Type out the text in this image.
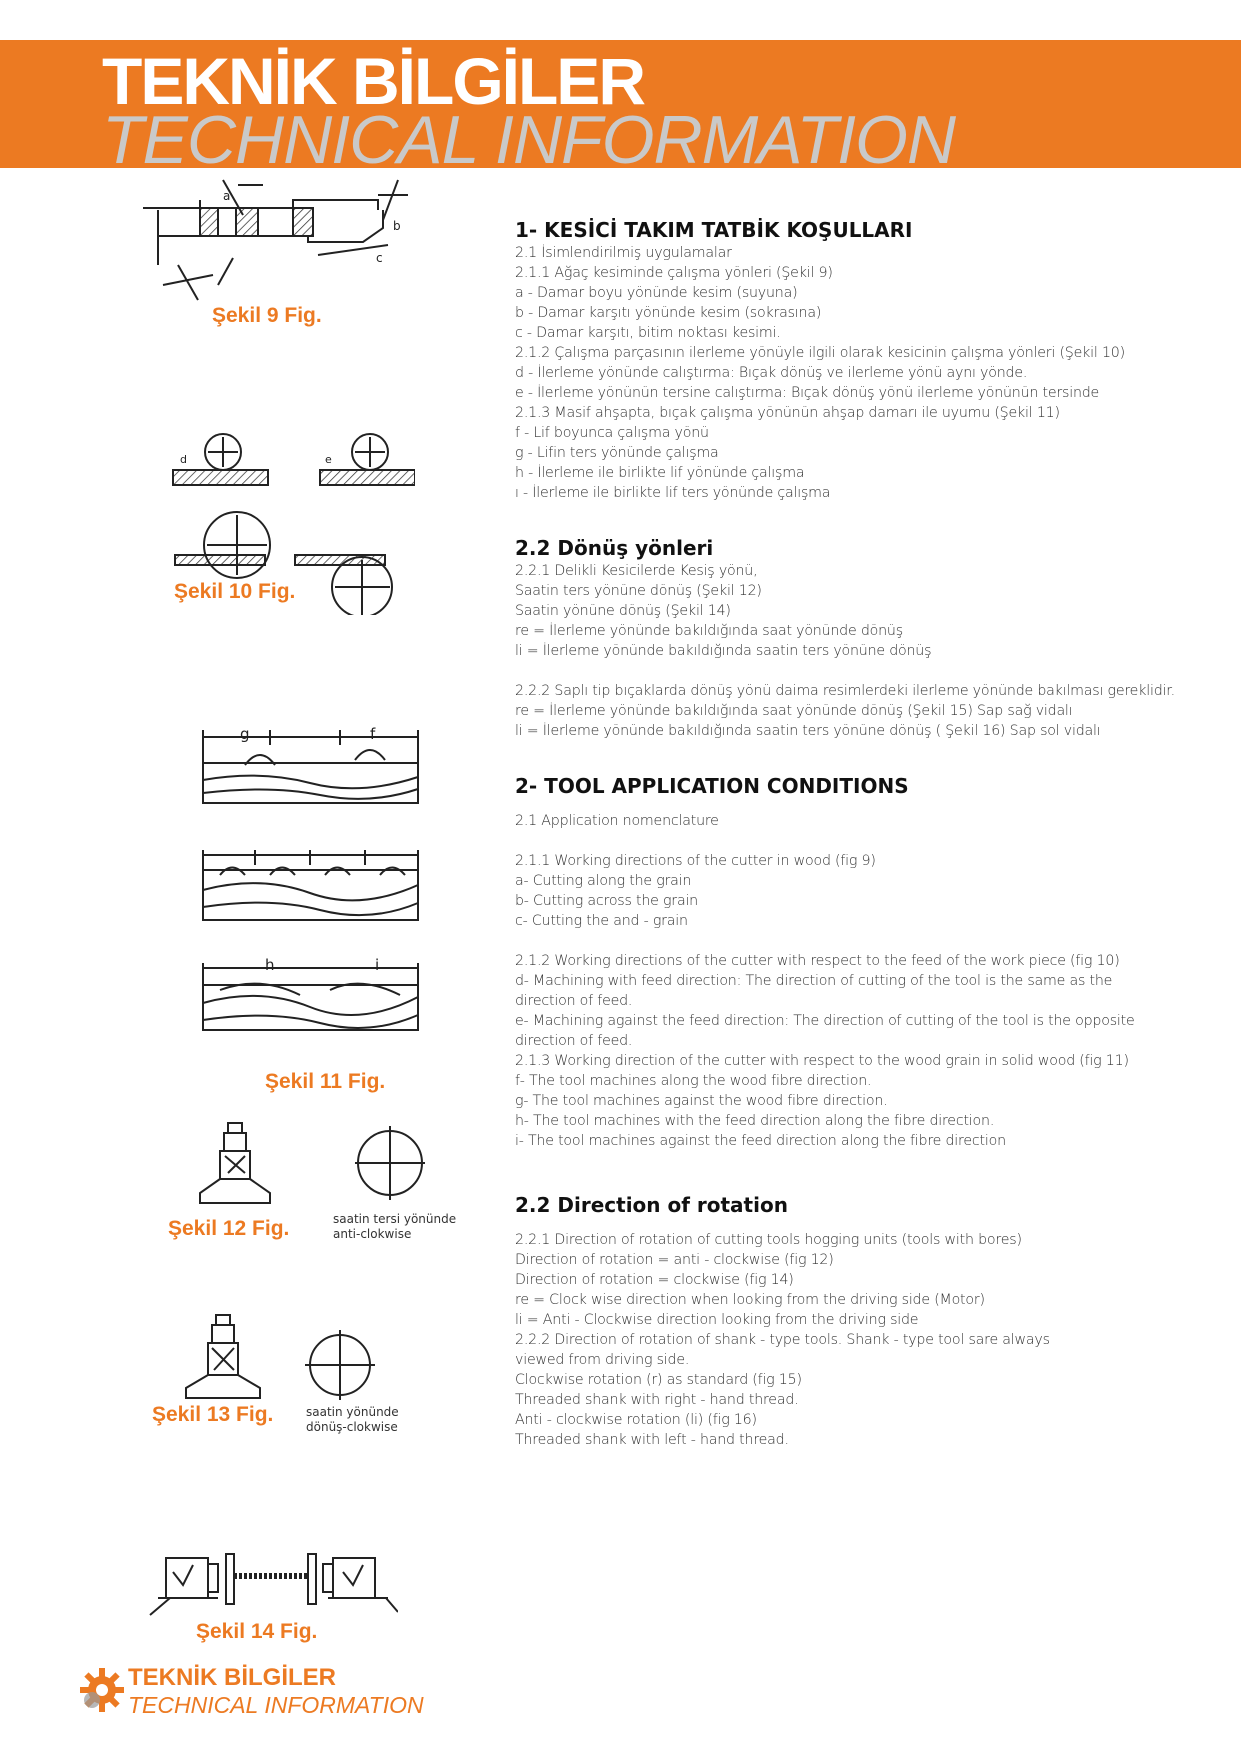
TEKNİK BİLGİLER
TECHNICAL INFORMATION
a
b
c
Şekil 9 Fig.
d	e
Şekil 10 Fig.
g	f
h	i
Şekil 11 Fig.
Şekil 12 Fig.	saatin tersi yönünde
anti-clokwise
Şekil 13 Fig.	saatin yönünde
dönüş-clokwise
Şekil 14 Fig.
1- KESİCİ TAKIM TATBİK KOŞULLARI
2.1 İsimlendirilmiş uygulamalar
2.1.1 Ağaç kesiminde çalışma yönleri (Şekil 9)
a - Damar boyu yönünde kesim (suyuna)
b - Damar karşıtı yönünde kesim (sokrasına)
c - Damar karşıtı, bitim noktası kesimi.
2.1.2 Çalışma parçasının ilerleme yönüyle ilgili olarak kesicinin çalışma yönleri (Şekil 10)
d - İlerleme yönünde calıştırma: Bıçak dönüş ve ilerleme yönü aynı yönde.
e - İlerleme yönünün tersine calıştırma: Bıçak dönüş yönü ilerleme yönünün tersinde
2.1.3 Masif ahşapta, bıçak çalışma yönünün ahşap damarı ile uyumu (Şekil 11)
f - Lif boyunca çalışma yönü
g - Lifin ters yönünde çalışma
h - İlerleme ile birlikte lif yönünde çalışma
ı - İlerleme ile birlikte lif ters yönünde çalışma
2.2 Dönüş yönleri
2.2.1 Delikli Kesicilerde Kesiş yönü,
Saatin ters yönüne dönüş (Şekil 12)
Saatin yönüne dönüş (Şekil 14)
re = İlerleme yönünde bakıldığında saat yönünde dönüş
li = İlerleme yönünde bakıldığında saatin ters yönüne dönüş
2.2.2 Saplı tip bıçaklarda dönüş yönü daima resimlerdeki ilerleme yönünde bakılması gereklidir.
re = İlerleme yönünde bakıldığında saat yönünde dönüş (Şekil 15) Sap sağ vidalı
li = İlerleme yönünde bakıldığında saatin ters yönüne dönüş ( Şekil 16) Sap sol vidalı
2- TOOL APPLICATION CONDITIONS
2.1 Application nomenclature
2.1.1 Working directions of the cutter in wood (fig 9)
a- Cutting along the grain
b- Cutting across the grain
c- Cutting the and - grain
2.1.2 Working directions of the cutter with respect to the feed of the work piece (fig 10)
d- Machining with feed direction: The direction of cutting of the tool is the same as the
direction of feed.
e- Machining against the feed direction: The direction of cutting of the tool is the opposite
direction of feed.
2.1.3 Working direction of the cutter with respect to the wood grain in solid wood (fig 11)
f- The tool machines along the wood fibre direction.
g- The tool machines against the wood fibre direction.
h- The tool machines with the feed direction along the fibre direction.
i- The tool machines against the feed direction along the fibre direction
2.2 Direction of rotation
2.2.1 Direction of rotation of cutting tools hogging units (tools with bores)
Direction of rotation = anti - clockwise (fig 12)
Direction of rotation = clockwise (fig 14)
re = Clock wise direction when looking from the driving side (Motor)
li = Anti - Clockwise direction looking from the driving side
2.2.2 Direction of rotation of shank - type tools. Shank - type tool sare always
viewed from driving side.
Clockwise rotation (r) as standard (fig 15)
Threaded shank with right - hand thread.
Anti - clockwise rotation (li) (fig 16)
Threaded shank with left - hand thread.
TEKNİK BİLGİLER
TECHNICAL INFORMATION
